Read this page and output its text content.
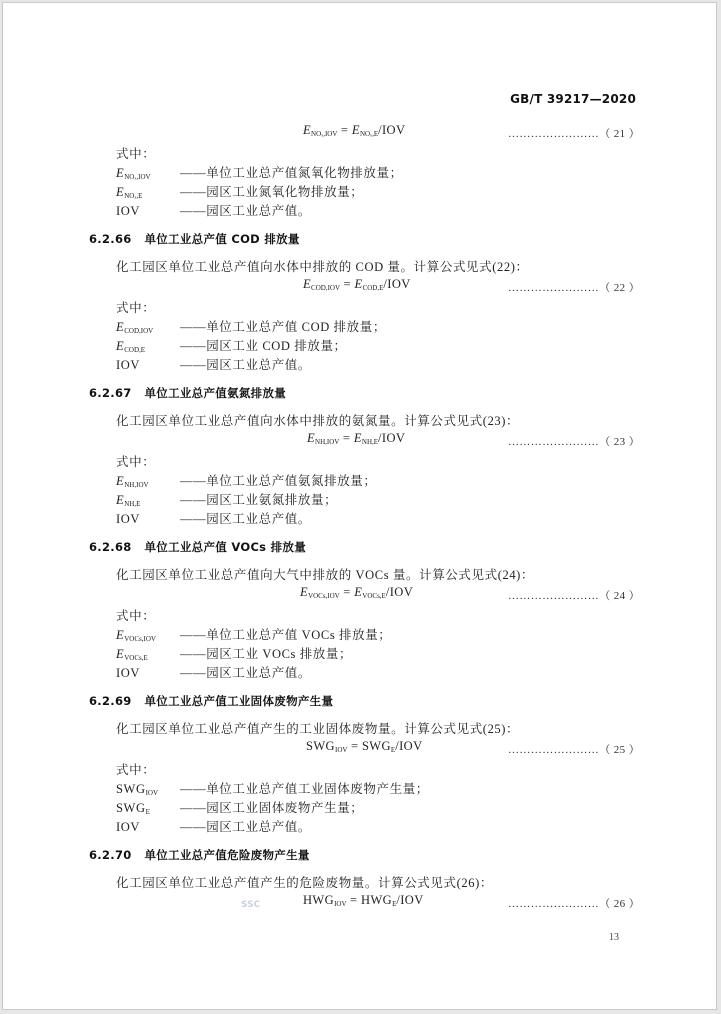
GB/T 39217—2020
$E_{NO_x,IOV} = E_{NO_x,E}/IOV$	……………………（ 21 ）
式中：
$E_{NO_x,IOV}$ ——单位工业总产值氮氧化物排放量；
$E_{NO_x,E}$	——园区工业氮氧化物排放量；
IOV	——园区工业总产值。
6.2.66 单位工业总产值 COD 排放量
化工园区单位工业总产值向水体中排放的 COD 量。计算公式见式(22)：
$E_{COD,IOV} = E_{COD,E}/IOV$	……………………（ 22 ）
式中：
$E_{COD,IOV}$ ——单位工业总产值 COD 排放量；
$E_{COD,E}$	——园区工业 COD 排放量；
IOV	——园区工业总产值。
6.2.67 单位工业总产值氨氮排放量
化工园区单位工业总产值向水体中排放的氨氮量。计算公式见式(23)：
$E_{NH,IOV} = E_{NH,E}/IOV$	……………………（ 23 ）
式中：
$E_{NH,IOV}$	——单位工业总产值氨氮排放量；
$E_{NH,E}$	——园区工业氨氮排放量；
IOV	——园区工业总产值。
6.2.68 单位工业总产值 VOCs 排放量
化工园区单位工业总产值向大气中排放的 VOCs 量。计算公式见式(24)：
$E_{VOCs,IOV} = E_{VOCs,E}/IOV$	……………………（ 24 ）
式中：
$E_{VOCs,IOV}$ ——单位工业总产值 VOCs 排放量；
$E_{VOCs,E}$	——园区工业 VOCs 排放量；
IOV	——园区工业总产值。
6.2.69 单位工业总产值工业固体废物产生量
化工园区单位工业总产值产生的工业固体废物量。计算公式见式(25)：
$SWG_{IOV} = SWG_E/IOV$	……………………（ 25 ）
式中：
$SWG_{IOV}$ ——单位工业总产值工业固体废物产生量；
$SWG_E$ ——园区工业固体废物产生量；
IOV	——园区工业总产值。
6.2.70 单位工业总产值危险废物产生量
化工园区单位工业总产值产生的危险废物量。计算公式见式(26)：
$HWG_{IOV} = HWG_E/IOV$	……………………（ 26 ）
SSC
13
